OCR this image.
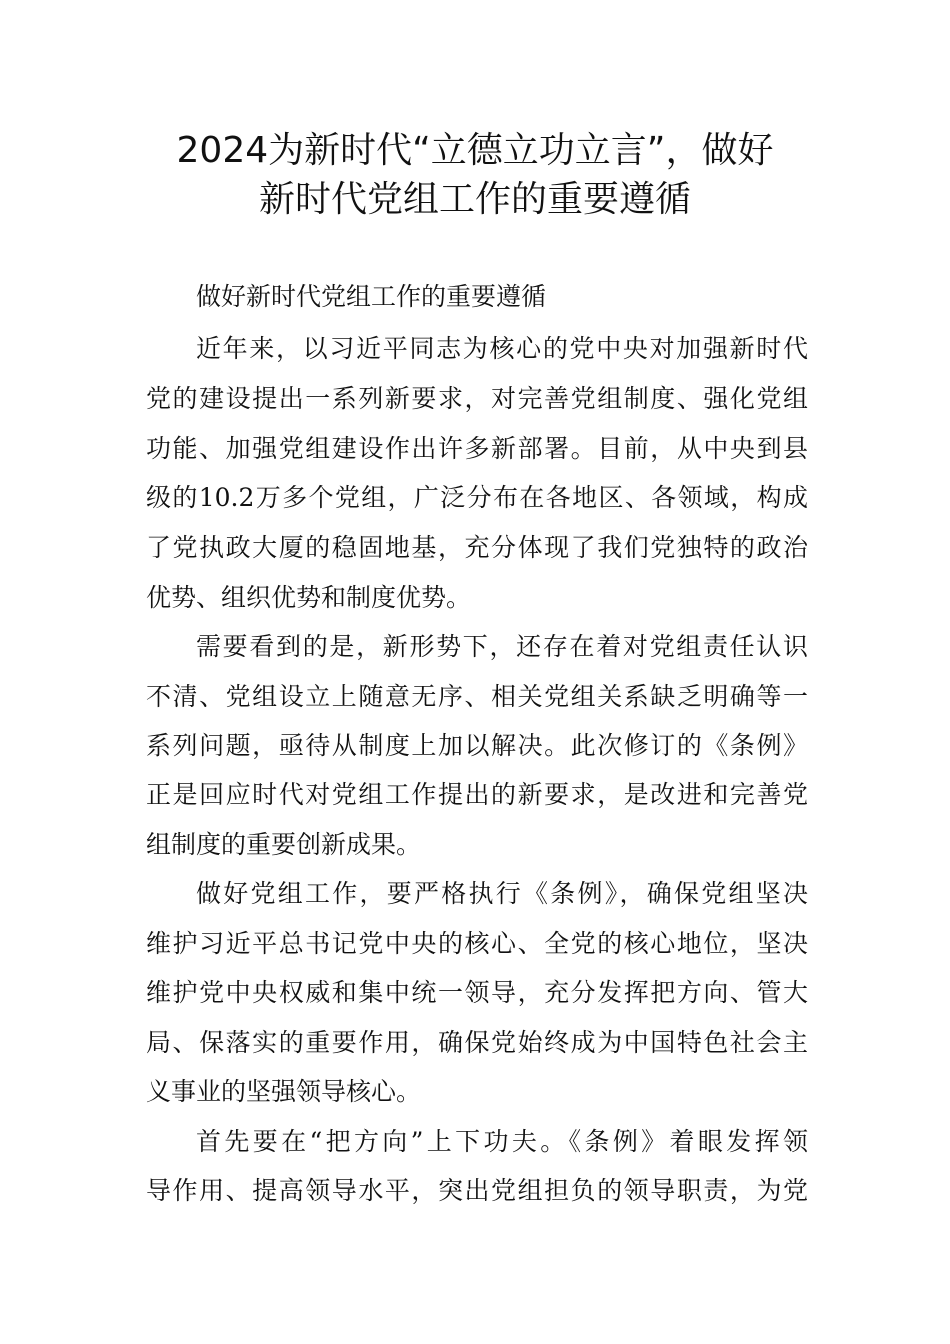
2024为新时代“立德立功立言”，做好
新时代党组工作的重要遵循

做好新时代党组工作的重要遵循

近年来，以习近平同志为核心的党中央对加强新时代

党的建设提出一系列新要求，对完善党组制度、强化党组

功能、加强党组建设作出许多新部署。目前，从中央到县

级的10.2万多个党组，广泛分布在各地区、各领域，构成

了党执政大厦的稳固地基，充分体现了我们党独特的政治

优势、组织优势和制度优势。

需要看到的是，新形势下，还存在着对党组责任认识

不清、党组设立上随意无序、相关党组关系缺乏明确等一

系列问题，亟待从制度上加以解决。此次修订的《条例》

正是回应时代对党组工作提出的新要求，是改进和完善党

组制度的重要创新成果。

做好党组工作，要严格执行《条例》，确保党组坚决

维护习近平总书记党中央的核心、全党的核心地位，坚决

维护党中央权威和集中统一领导，充分发挥把方向、管大

局、保落实的重要作用，确保党始终成为中国特色社会主

义事业的坚强领导核心。

首先要在“把方向”上下功夫。《条例》着眼发挥领

导作用、提高领导水平，突出党组担负的领导职责，为党
